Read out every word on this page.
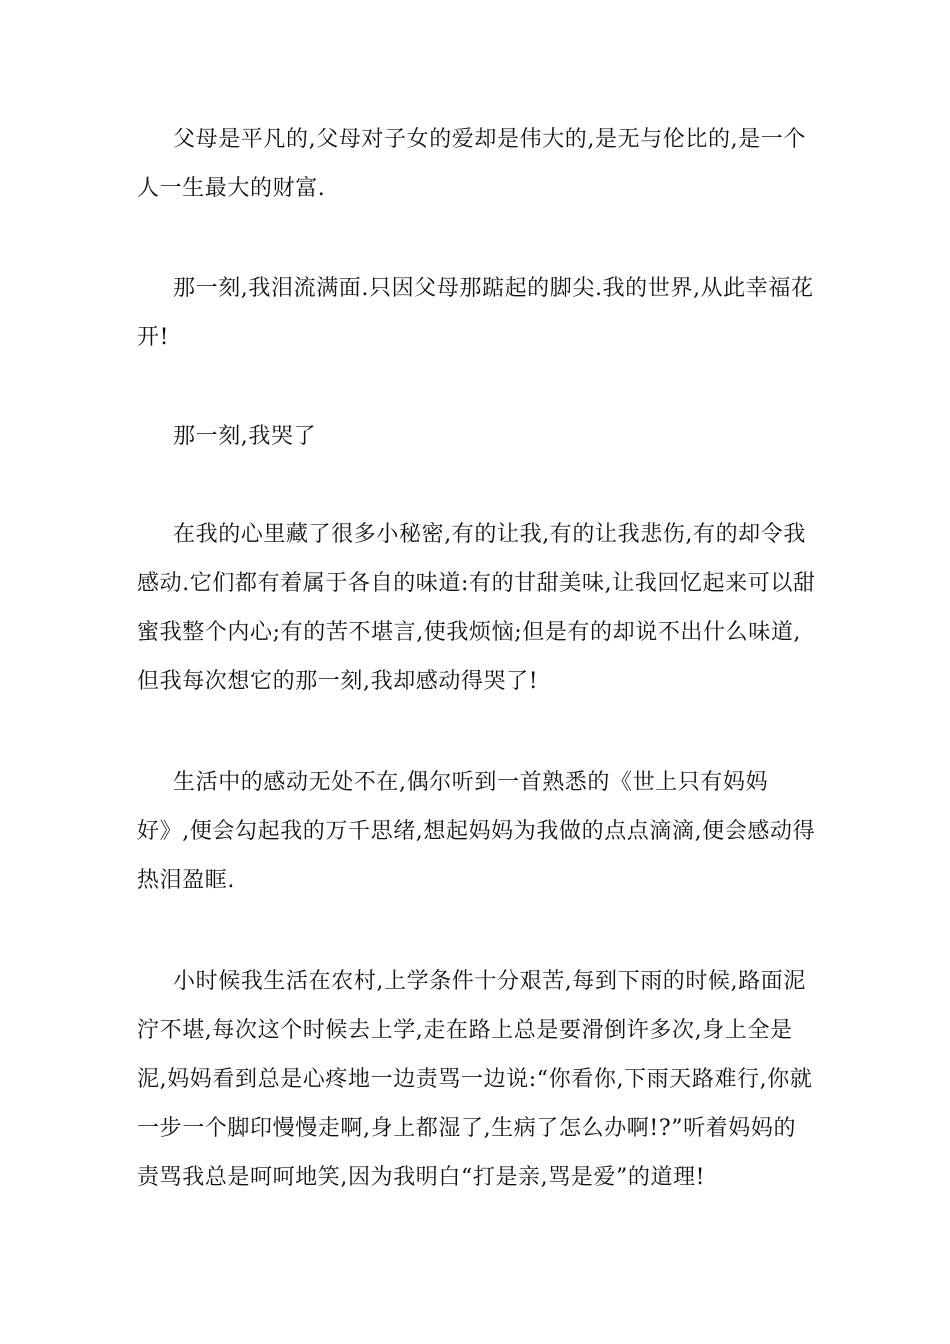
父母是平凡的,父母对子女的爱却是伟大的,是无与伦比的,是一个人一生最大的财富.

那一刻,我泪流满面.只因父母那踮起的脚尖.我的世界,从此幸福花开!

那一刻,我哭了

在我的心里藏了很多小秘密,有的让我,有的让我悲伤,有的却令我感动.它们都有着属于各自的味道:有的甘甜美味,让我回忆起来可以甜蜜我整个内心;有的苦不堪言,使我烦恼;但是有的却说不出什么味道,但我每次想它的那一刻,我却感动得哭了!

生活中的感动无处不在,偶尔听到一首熟悉的《世上只有妈妈好》,便会勾起我的万千思绪,想起妈妈为我做的点点滴滴,便会感动得热泪盈眶.

小时候我生活在农村,上学条件十分艰苦,每到下雨的时候,路面泥泞不堪,每次这个时候去上学,走在路上总是要滑倒许多次,身上全是泥,妈妈看到总是心疼地一边责骂一边说:“你看你,下雨天路难行,你就一步一个脚印慢慢走啊,身上都湿了,生病了怎么办啊!?”听着妈妈的责骂我总是呵呵地笑,因为我明白“打是亲,骂是爱”的道理!
